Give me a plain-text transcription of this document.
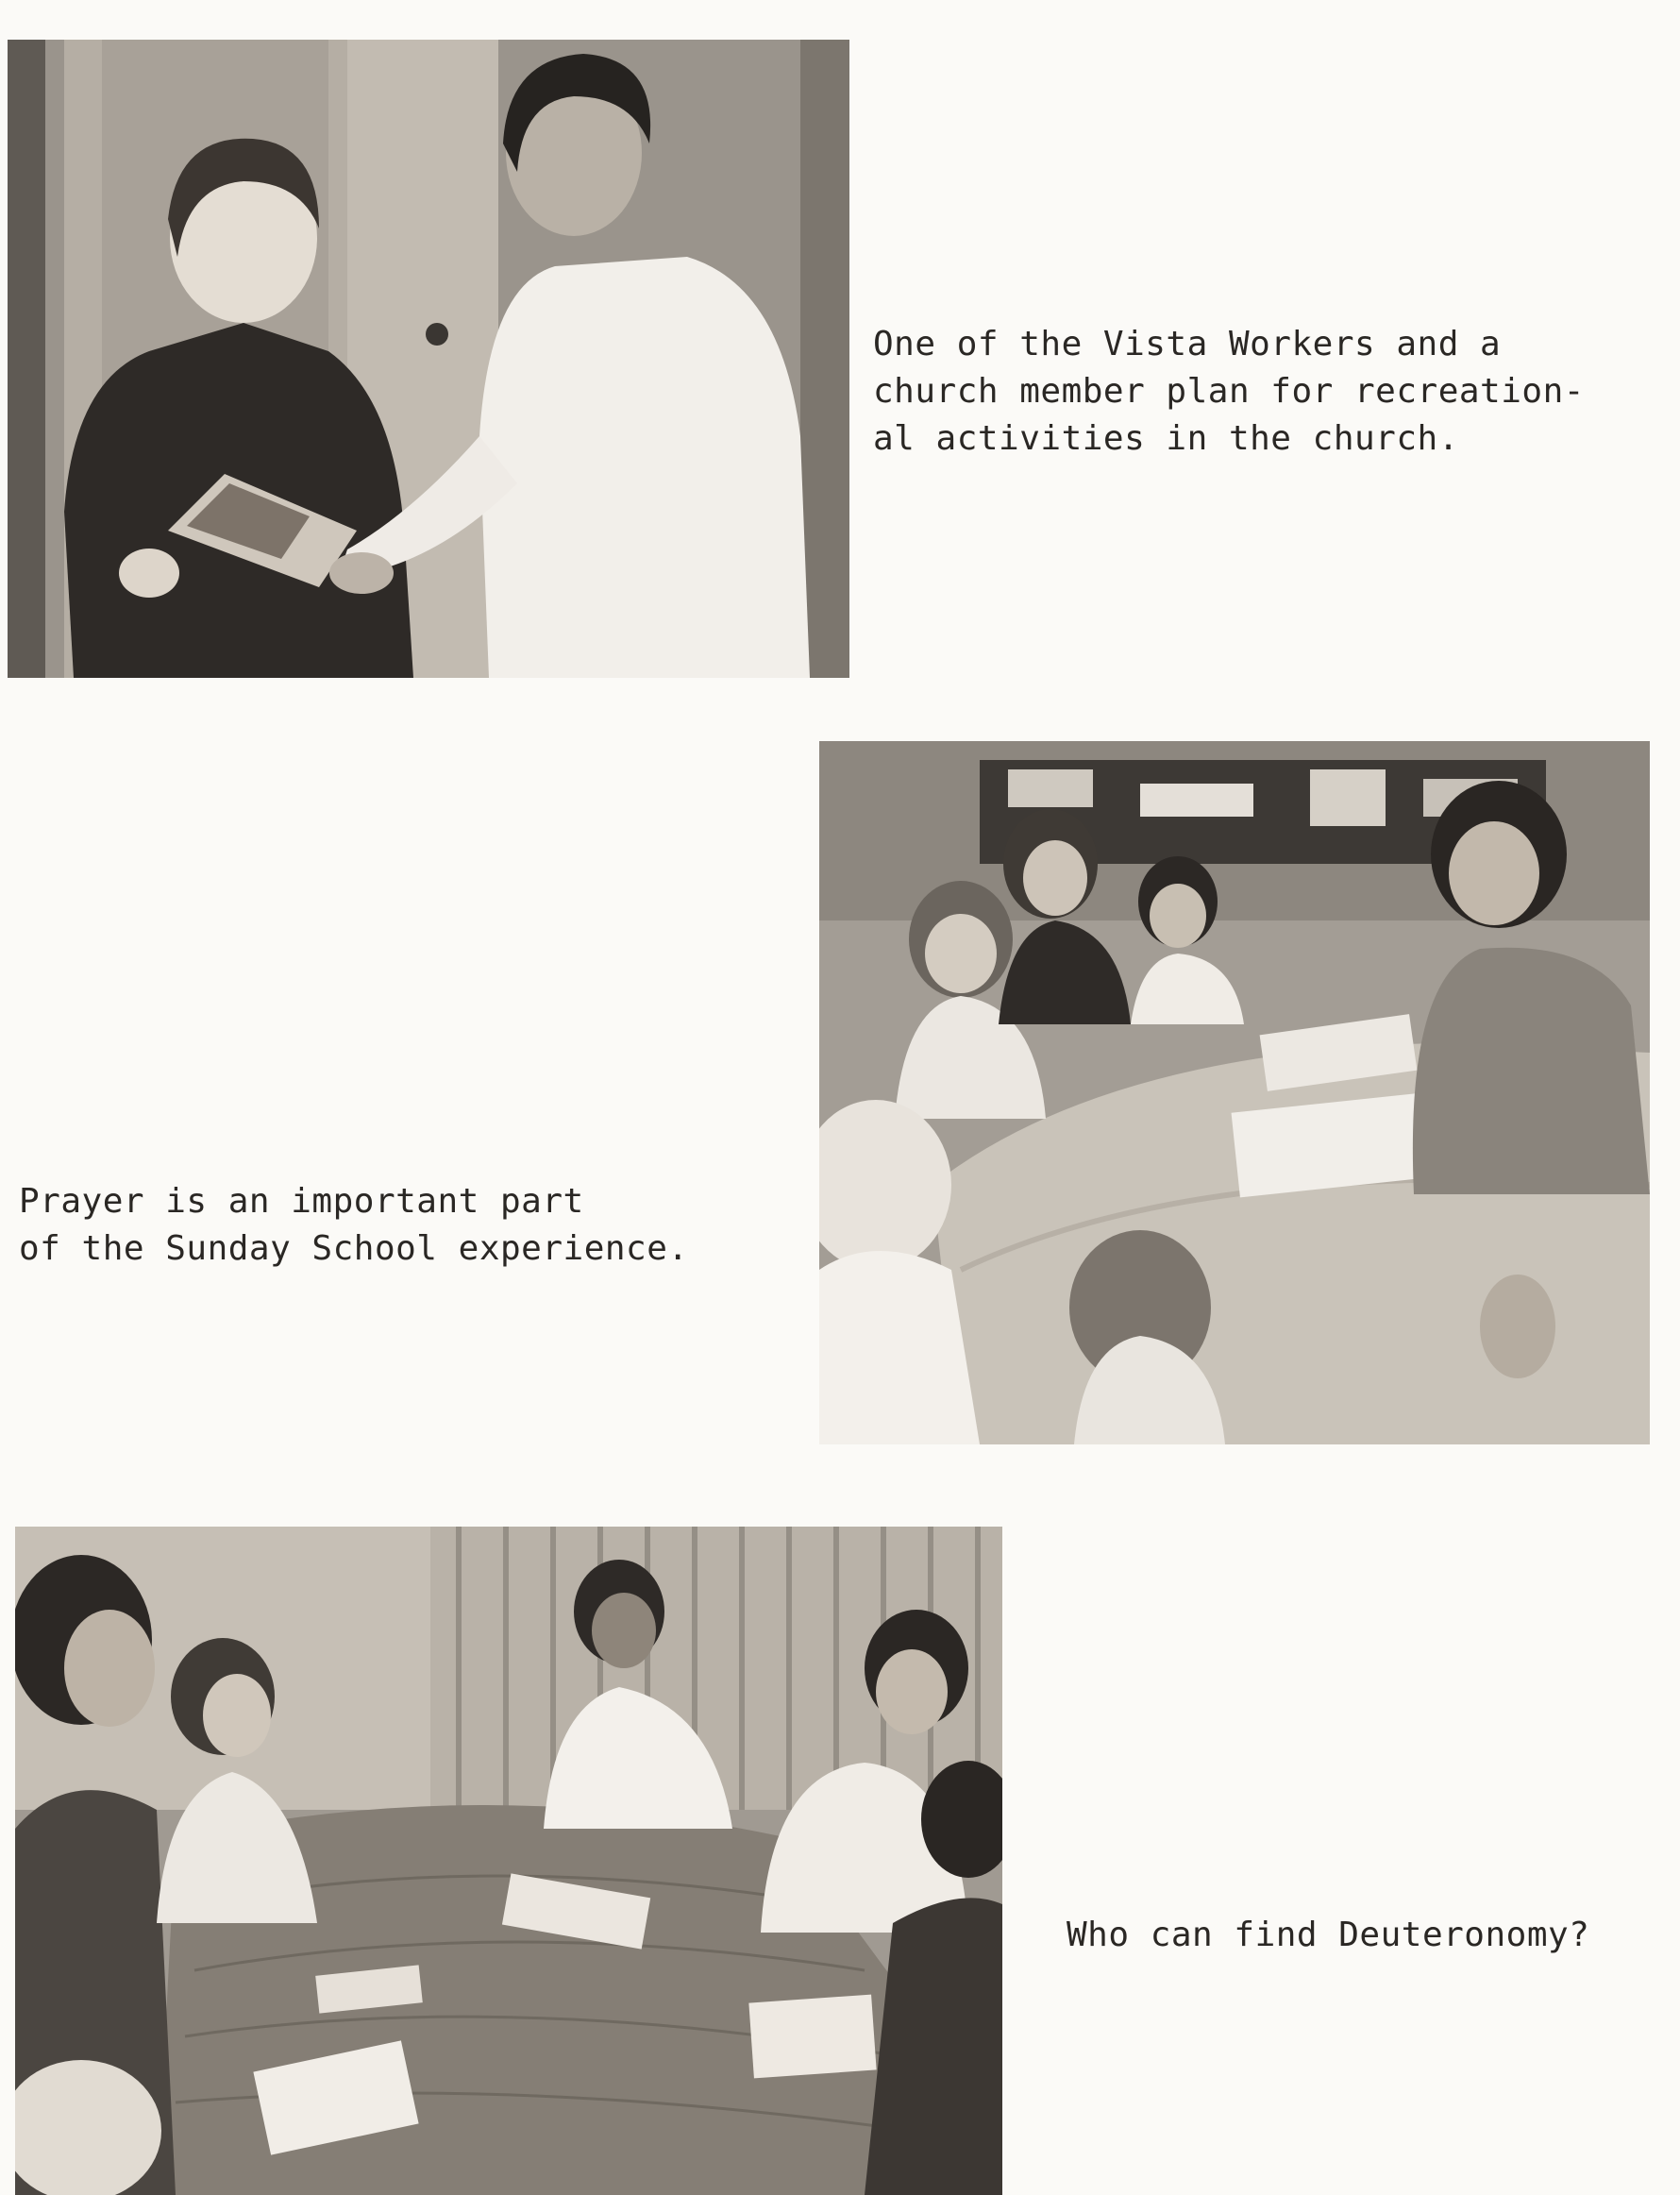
One of the Vista Workers and a
church member plan for recreation-
al activities in the church.
Prayer is an important part
of the Sunday School experience.
Who can find Deuteronomy?
